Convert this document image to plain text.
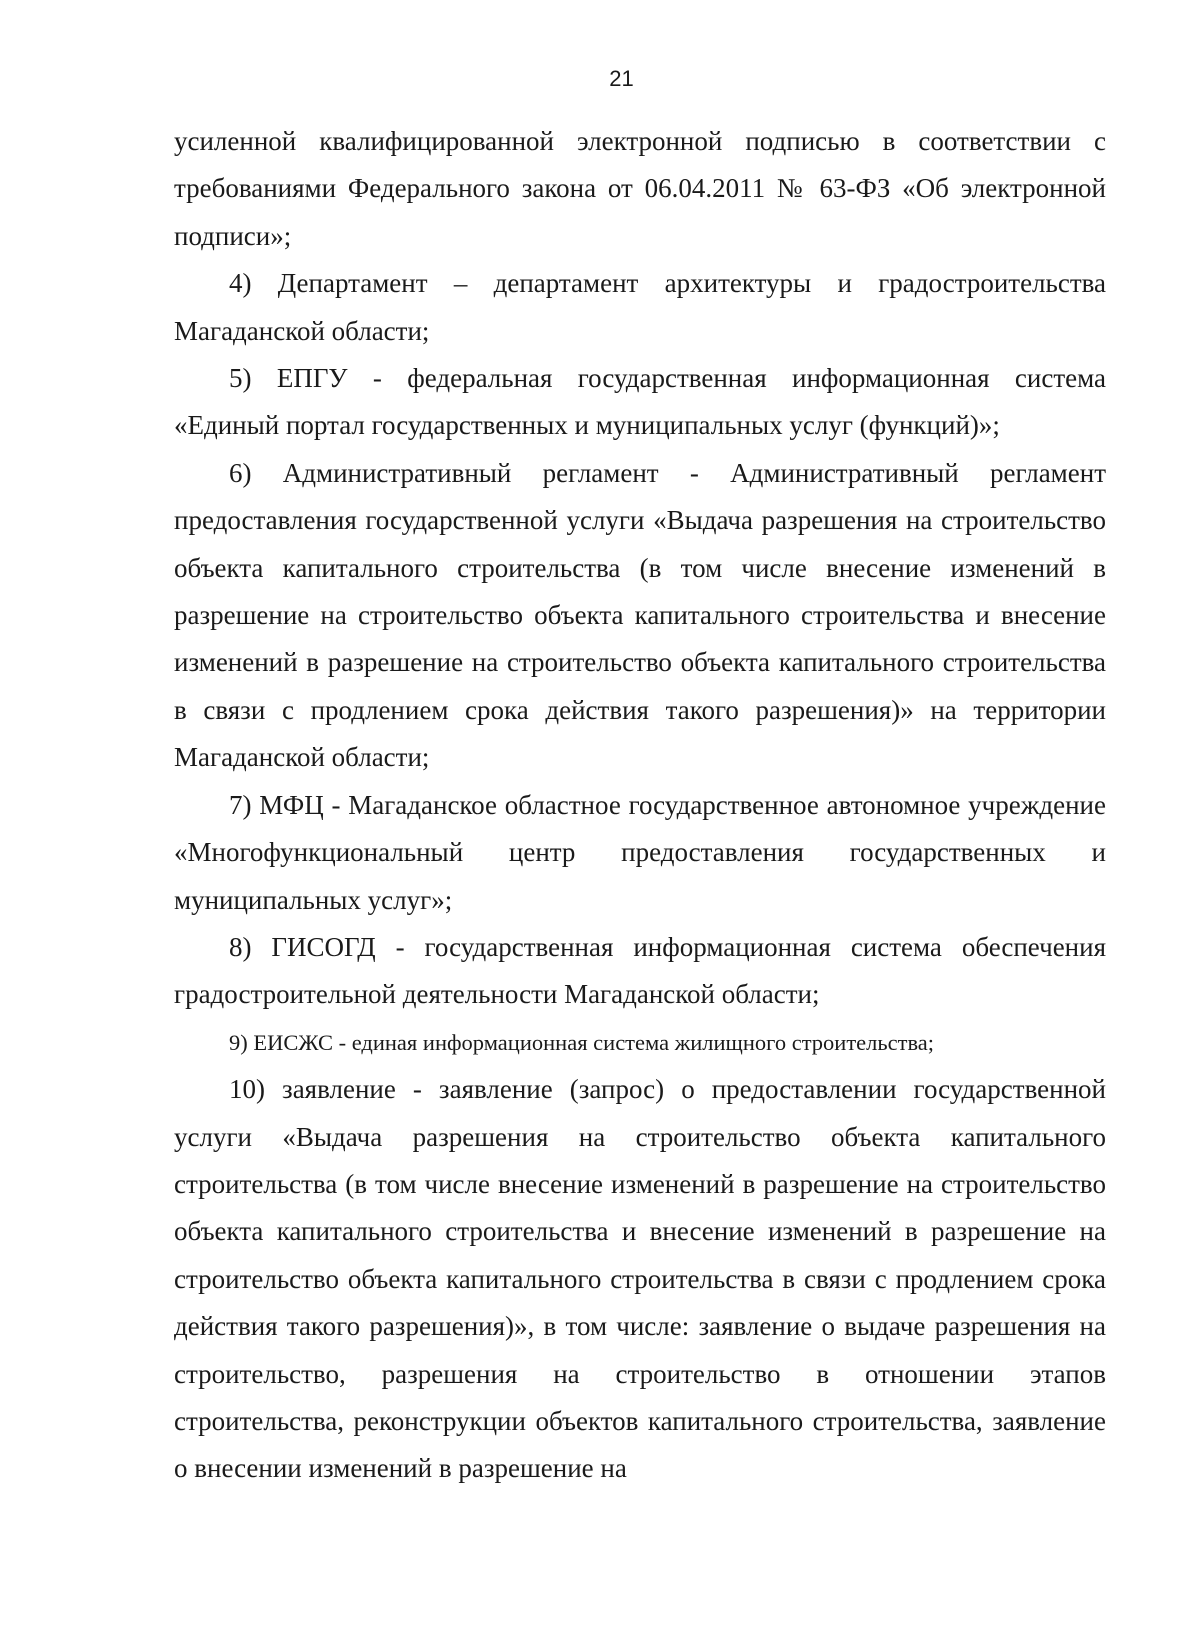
21

усиленной квалифицированной электронной подписью в соответствии с требованиями Федерального закона от 06.04.2011 № 63-ФЗ «Об электронной подписи»;

4) Департамент – департамент архитектуры и градостроительства Магаданской области;

5) ЕПГУ - федеральная государственная информационная система «Единый портал государственных и муниципальных услуг (функций)»;

6) Административный регламент - Административный регламент предоставления государственной услуги «Выдача разрешения на строительство объекта капитального строительства (в том числе внесение изменений в разрешение на строительство объекта капитального строительства и внесение изменений в разрешение на строительство объекта капитального строительства в связи с продлением срока действия такого разрешения)» на территории Магаданской области;

7) МФЦ - Магаданское областное государственное автономное учреждение «Многофункциональный центр предоставления государственных и муниципальных услуг»;

8) ГИСОГД - государственная информационная система обеспечения градостроительной деятельности Магаданской области;

9) ЕИСЖС - единая информационная система жилищного строительства;

10) заявление - заявление (запрос) о предоставлении государственной услуги «Выдача разрешения на строительство объекта капитального строительства (в том числе внесение изменений в разрешение на строительство объекта капитального строительства и внесение изменений в разрешение на строительство объекта капитального строительства в связи с продлением срока действия такого разрешения)», в том числе: заявление о выдаче разрешения на строительство, разрешения на строительство в отношении этапов строительства, реконструкции объектов капитального строительства, заявление о внесении изменений в разрешение на
